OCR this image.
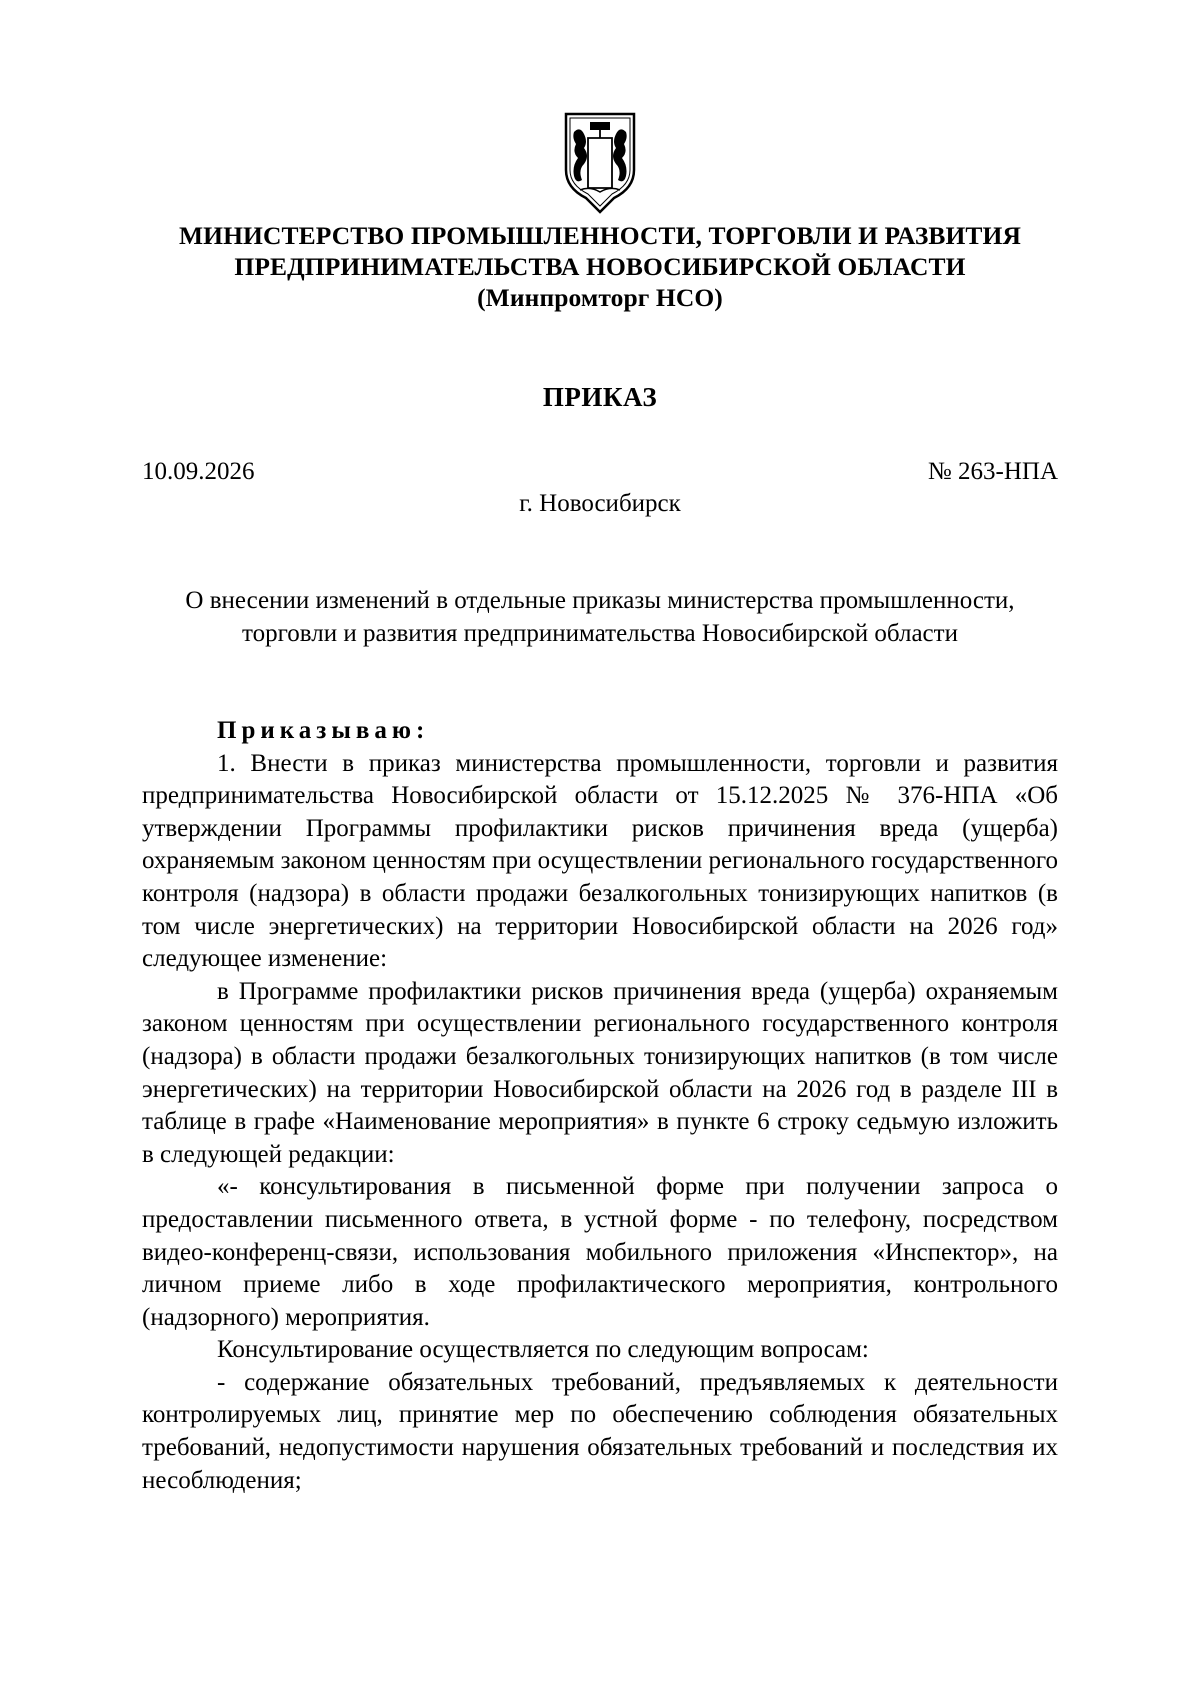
МИНИСТЕРСТВО ПРОМЫШЛЕННОСТИ, ТОРГОВЛИ И РАЗВИТИЯ
ПРЕДПРИНИМАТЕЛЬСТВА НОВОСИБИРСКОЙ ОБЛАСТИ
(Минпромторг НСО)
ПРИКАЗ
10.09.2026	№ 263-НПА
г. Новосибирск
О внесении изменений в отдельные приказы министерства промышленности,
торговли и развития предпринимательства Новосибирской области
Приказываю:

1. Внести в приказ министерства промышленности, торговли и развития предпринимательства Новосибирской области от 15.12.2025 № 376-НПА «Об утверждении Программы профилактики рисков причинения вреда (ущерба) охраняемым законом ценностям при осуществлении регионального государственного контроля (надзора) в области продажи безалкогольных тонизирующих напитков (в том числе энергетических) на территории Новосибирской области на 2026 год» следующее изменение:

в Программе профилактики рисков причинения вреда (ущерба) охраняемым законом ценностям при осуществлении регионального государственного контроля (надзора) в области продажи безалкогольных тонизирующих напитков (в том числе энергетических) на территории Новосибирской области на 2026 год в разделе III в таблице в графе «Наименование мероприятия» в пункте 6 строку седьмую изложить в следующей редакции:

«- консультирования в письменной форме при получении запроса о предоставлении письменного ответа, в устной форме - по телефону, посредством видео-конференц-связи, использования мобильного приложения «Инспектор», на личном приеме либо в ходе профилактического мероприятия, контрольного (надзорного) мероприятия.

Консультирование осуществляется по следующим вопросам:

- содержание обязательных требований, предъявляемых к деятельности контролируемых лиц, принятие мер по обеспечению соблюдения обязательных требований, недопустимости нарушения обязательных требований и последствия их несоблюдения;
